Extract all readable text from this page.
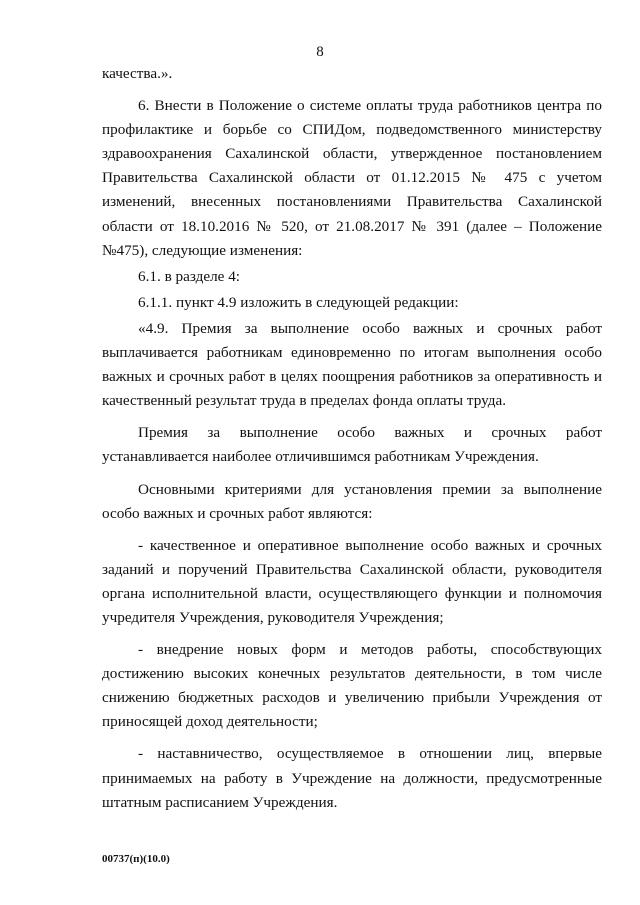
8

качества.».

6. Внести в Положение о системе оплаты труда работников центра по профилактике и борьбе со СПИДом, подведомственного министерству здравоохранения Сахалинской области, утвержденное постановлением Правительства Сахалинской области от 01.12.2015 № 475 с учетом изменений, внесенных постановлениями Правительства Сахалинской области от 18.10.2016 № 520, от 21.08.2017 № 391 (далее – Положение №475), следующие изменения:

6.1. в разделе 4:

6.1.1. пункт 4.9 изложить в следующей редакции:

«4.9. Премия за выполнение особо важных и срочных работ выплачивается работникам единовременно по итогам выполнения особо важных и срочных работ в целях поощрения работников за оперативность и качественный результат труда в пределах фонда оплаты труда.

Премия за выполнение особо важных и срочных работ устанавливается наиболее отличившимся работникам Учреждения.

Основными критериями для установления премии за выполнение особо важных и срочных работ являются:

- качественное и оперативное выполнение особо важных и срочных заданий и поручений Правительства Сахалинской области, руководителя органа исполнительной власти, осуществляющего функции и полномочия учредителя Учреждения, руководителя Учреждения;

- внедрение новых форм и методов работы, способствующих достижению высоких конечных результатов деятельности, в том числе снижению бюджетных расходов и увеличению прибыли Учреждения от приносящей доход деятельности;

- наставничество, осуществляемое в отношении лиц, впервые принимаемых на работу в Учреждение на должности, предусмотренные штатным расписанием Учреждения.

00737(п)(10.0)
